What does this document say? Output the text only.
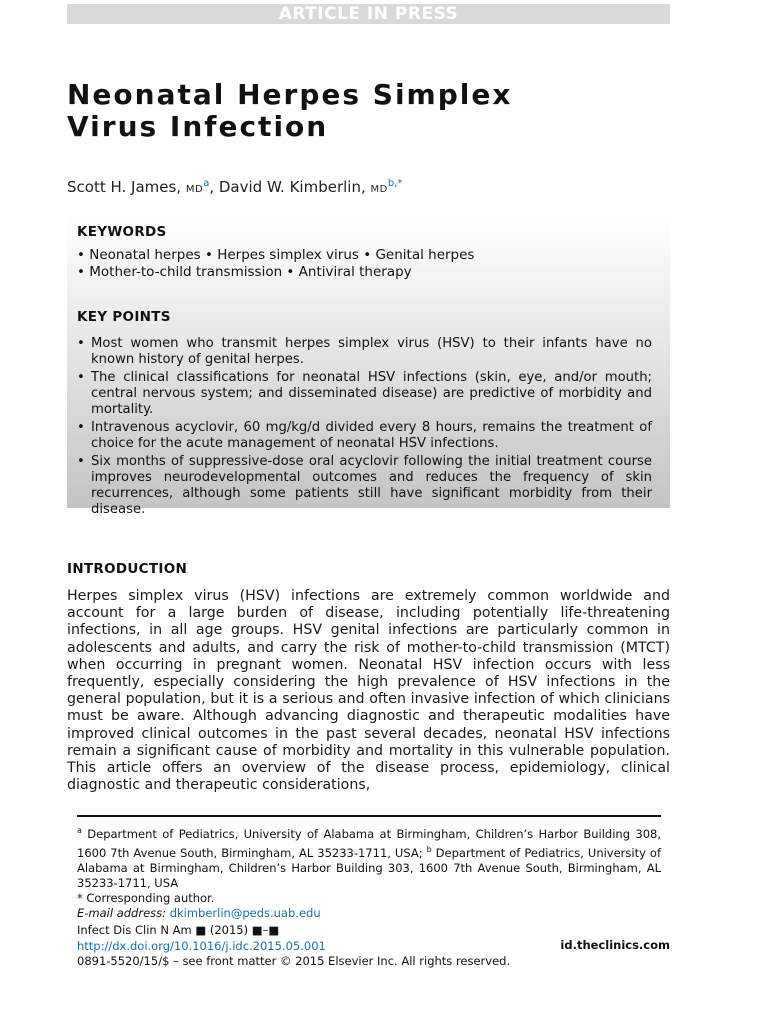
ARTICLE IN PRESS
Neonatal Herpes Simplex
Virus Infection
Scott H. James, $MD^a$, David W. Kimberlin, $MD^{b,*}$
KEYWORDS
• Neonatal herpes • Herpes simplex virus • Genital herpes
• Mother-to-child transmission • Antiviral therapy
KEY POINTS
• Most women who transmit herpes simplex virus (HSV) to their infants have no known history of genital herpes.
• The clinical classifications for neonatal HSV infections (skin, eye, and/or mouth; central nervous system; and disseminated disease) are predictive of morbidity and mortality.
• Intravenous acyclovir, 60 mg/kg/d divided every 8 hours, remains the treatment of choice for the acute management of neonatal HSV infections.
• Six months of suppressive-dose oral acyclovir following the initial treatment course improves neurodevelopmental outcomes and reduces the frequency of skin recurrences, although some patients still have significant morbidity from their disease.
INTRODUCTION

Herpes simplex virus (HSV) infections are extremely common worldwide and account for a large burden of disease, including potentially life-threatening infections, in all age groups. HSV genital infections are particularly common in adolescents and adults, and carry the risk of mother-to-child transmission (MTCT) when occurring in pregnant women. Neonatal HSV infection occurs with less frequently, especially considering the high prevalence of HSV infections in the general population, but it is a serious and often invasive infection of which clinicians must be aware. Although advancing diagnostic and therapeutic modalities have improved clinical outcomes in the past several decades, neonatal HSV infections remain a significant cause of morbidity and mortality in this vulnerable population. This article offers an overview of the disease process, epidemiology, clinical diagnostic and therapeutic considerations,

$^a$ Department of Pediatrics, University of Alabama at Birmingham, Children’s Harbor Building 308, 1600 7th Avenue South, Birmingham, AL 35233-1711, USA; $^b$ Department of Pediatrics, University of Alabama at Birmingham, Children’s Harbor Building 303, 1600 7th Avenue South, Birmingham, AL 35233-1711, USA

* Corresponding author.

E-mail address: dkimberlin@peds.uab.edu

Infect Dis Clin N Am ■ (2015) ■–■

http://dx.doi.org/10.1016/j.idc.2015.05.001

0891-5520/15/$ – see front matter © 2015 Elsevier Inc. All rights reserved.

id.theclinics.com
